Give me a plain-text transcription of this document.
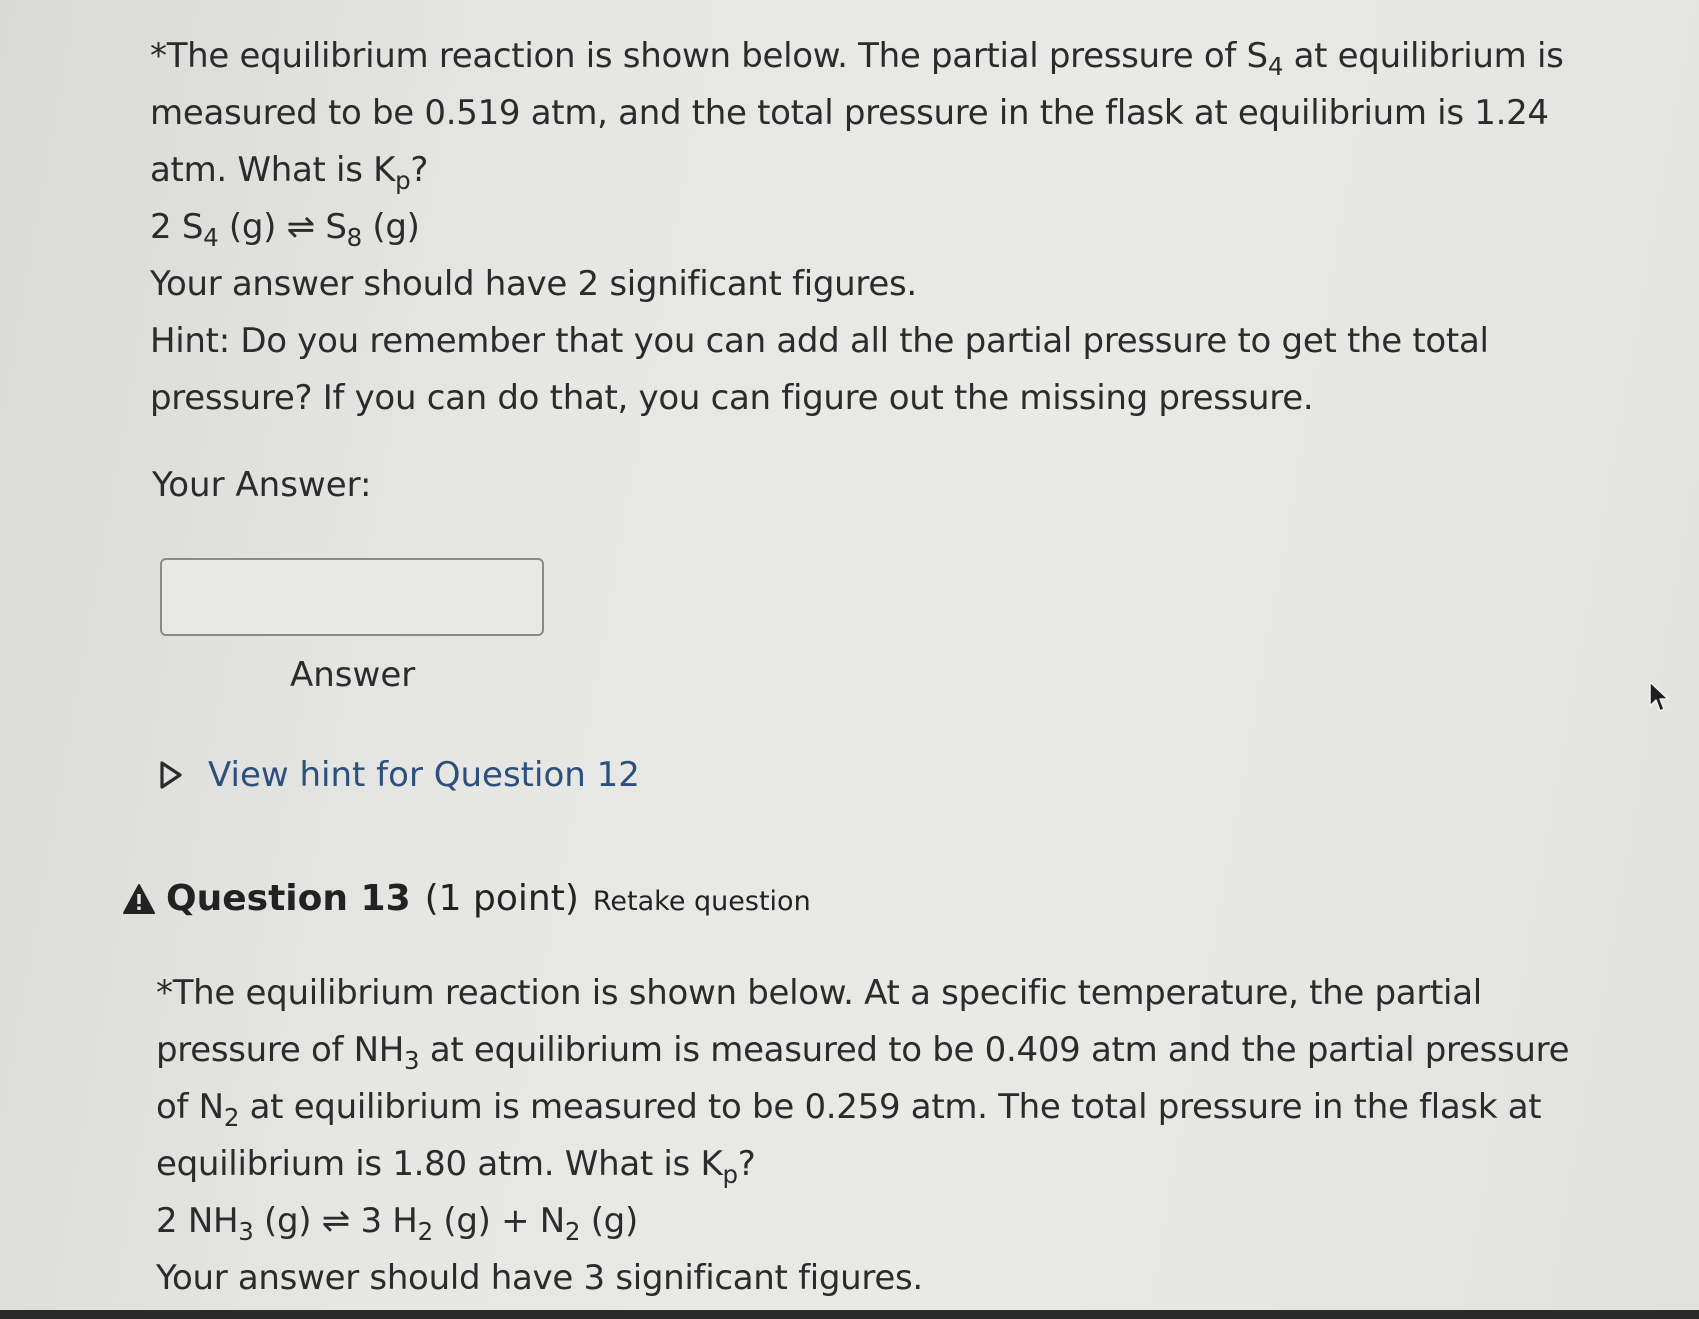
*The equilibrium reaction is shown below. The partial pressure of $S_4$ at equilibrium is

measured to be 0.519 atm, and the total pressure in the flask at equilibrium is 1.24

atm. What is $K_p$?

2 $S_4$ (g) ⇌ $S_8$ (g)

Your answer should have 2 significant figures.

Hint: Do you remember that you can add all the partial pressure to get the total

pressure? If you can do that, you can figure out the missing pressure.

Your Answer:
Answer
View hint for Question 12
Question 13 (1 point) Retake question

*The equilibrium reaction is shown below. At a specific temperature, the partial

pressure of $NH_3$ at equilibrium is measured to be 0.409 atm and the partial pressure

of $N_2$ at equilibrium is measured to be 0.259 atm. The total pressure in the flask at

equilibrium is 1.80 atm. What is $K_p$?

2 $NH_3$ (g) ⇌ 3 $H_2$ $(g) + N_2$ (g)

Your answer should have 3 significant figures.
